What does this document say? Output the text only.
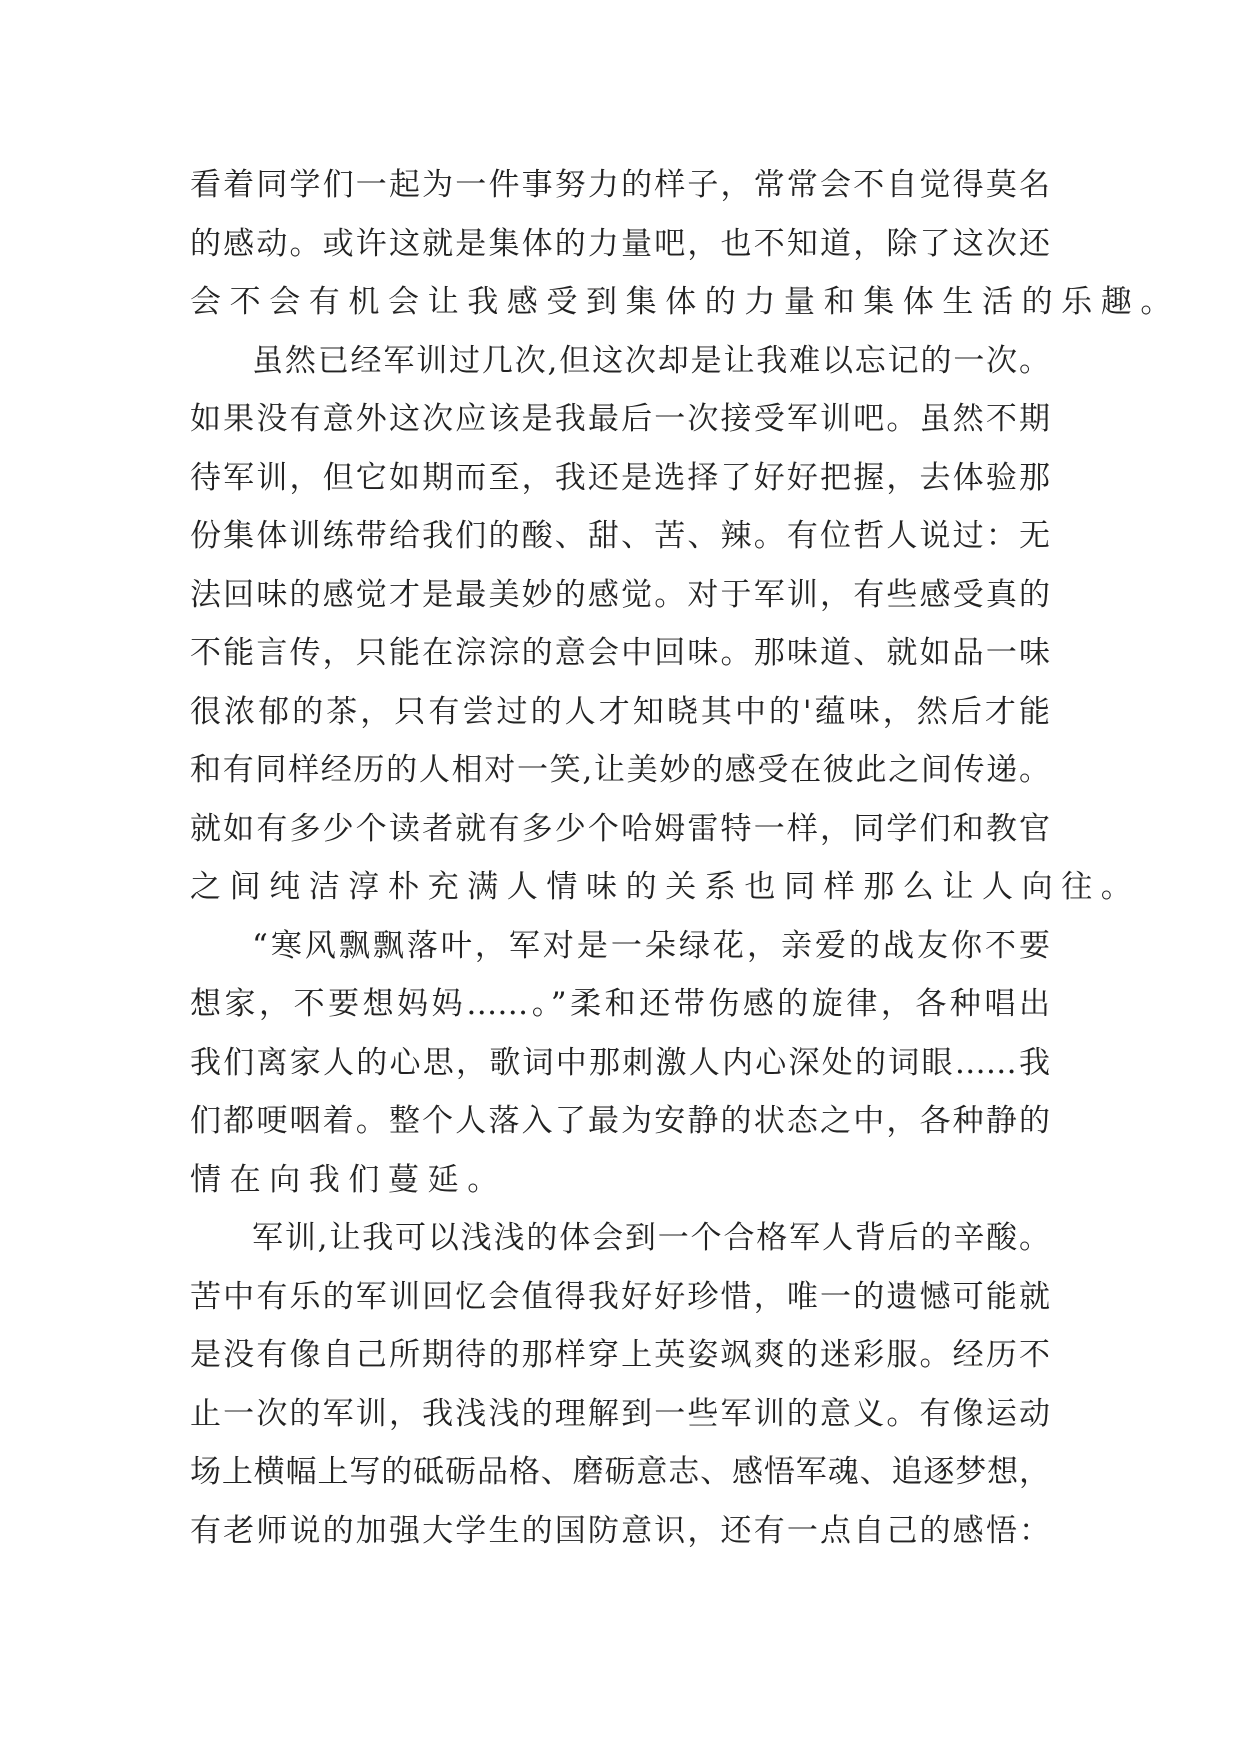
看着同学们一起为一件事努力的样子，常常会不自觉得莫名
的感动。或许这就是集体的力量吧，也不知道，除了这次还
会不会有机会让我感受到集体的力量和集体生活的乐趣。
虽然已经军训过几次,但这次却是让我难以忘记的一次。
如果没有意外这次应该是我最后一次接受军训吧。虽然不期
待军训，但它如期而至，我还是选择了好好把握，去体验那
份集体训练带给我们的酸、甜、苦、辣。有位哲人说过：无
法回味的感觉才是最美妙的感觉。对于军训，有些感受真的
不能言传，只能在淙淙的意会中回味。那味道、就如品一味
很浓郁的茶，只有尝过的人才知晓其中的'蕴味，然后才能
和有同样经历的人相对一笑,让美妙的感受在彼此之间传递。
就如有多少个读者就有多少个哈姆雷特一样，同学们和教官
之间纯洁淳朴充满人情味的关系也同样那么让人向往。
“寒风飘飘落叶，军对是一朵绿花，亲爱的战友你不要
想家，不要想妈妈……。”柔和还带伤感的旋律，各种唱出
我们离家人的心思，歌词中那刺激人内心深处的词眼……我
们都哽咽着。整个人落入了最为安静的状态之中，各种静的
情在向我们蔓延。
军训,让我可以浅浅的体会到一个合格军人背后的辛酸。
苦中有乐的军训回忆会值得我好好珍惜，唯一的遗憾可能就
是没有像自己所期待的那样穿上英姿飒爽的迷彩服。经历不
止一次的军训，我浅浅的理解到一些军训的意义。有像运动
场上横幅上写的砥砺品格、磨砺意志、感悟军魂、追逐梦想，
有老师说的加强大学生的国防意识，还有一点自己的感悟：
